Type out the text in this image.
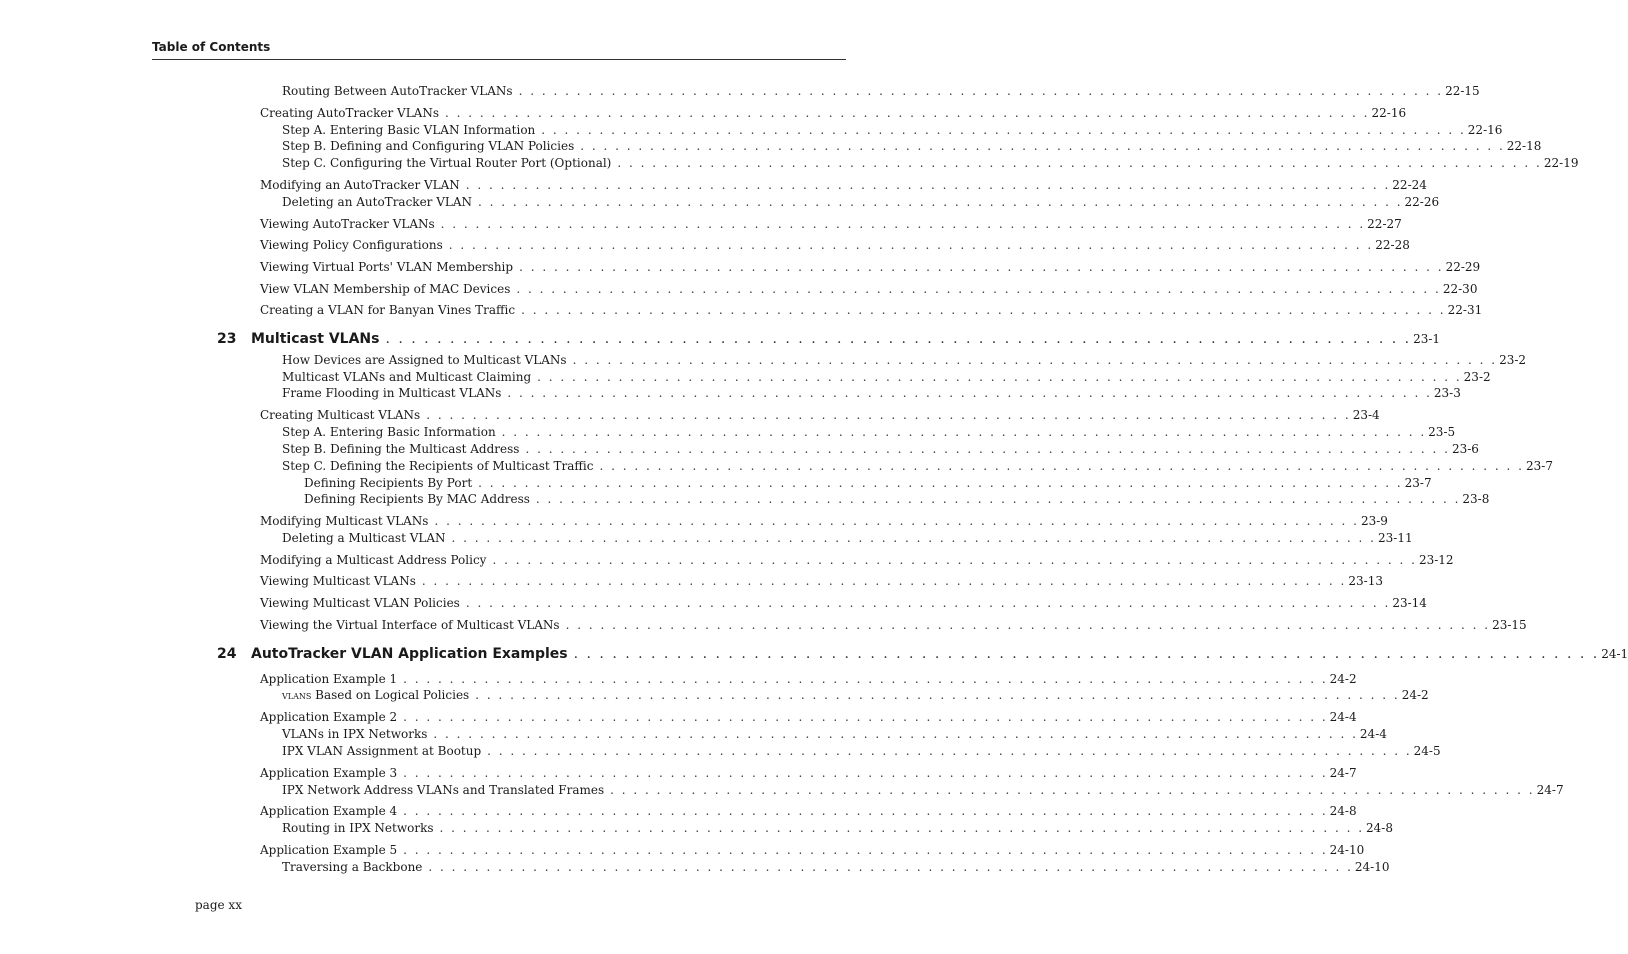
Table of Contents
Routing Between AutoTracker VLANs . . . . . . . . . . . . . . . . . . . . . . . . . . . . . . . . . . . . . . . . . . . . . . . . . . . . . . . . . . . . . . . . . . . . . . . . . . . . . . . . 22-15
Creating AutoTracker VLANs . . . . . . . . . . . . . . . . . . . . . . . . . . . . . . . . . . . . . . . . . . . . . . . . . . . . . . . . . . . . . . . . . . . . . . . . . . . . . . . . 22-16
Step A. Entering Basic VLAN Information . . . . . . . . . . . . . . . . . . . . . . . . . . . . . . . . . . . . . . . . . . . . . . . . . . . . . . . . . . . . . . . . . . . . . . . . . . . . . . . . 22-16
Step B. Defining and Configuring VLAN Policies . . . . . . . . . . . . . . . . . . . . . . . . . . . . . . . . . . . . . . . . . . . . . . . . . . . . . . . . . . . . . . . . . . . . . . . . . . . . . . . . 22-18
Step C. Configuring the Virtual Router Port (Optional) . . . . . . . . . . . . . . . . . . . . . . . . . . . . . . . . . . . . . . . . . . . . . . . . . . . . . . . . . . . . . . . . . . . . . . . . . . . . . . . . 22-19
Modifying an AutoTracker VLAN . . . . . . . . . . . . . . . . . . . . . . . . . . . . . . . . . . . . . . . . . . . . . . . . . . . . . . . . . . . . . . . . . . . . . . . . . . . . . . . . 22-24
Deleting an AutoTracker VLAN . . . . . . . . . . . . . . . . . . . . . . . . . . . . . . . . . . . . . . . . . . . . . . . . . . . . . . . . . . . . . . . . . . . . . . . . . . . . . . . . 22-26
Viewing AutoTracker VLANs . . . . . . . . . . . . . . . . . . . . . . . . . . . . . . . . . . . . . . . . . . . . . . . . . . . . . . . . . . . . . . . . . . . . . . . . . . . . . . . . 22-27
Viewing Policy Configurations . . . . . . . . . . . . . . . . . . . . . . . . . . . . . . . . . . . . . . . . . . . . . . . . . . . . . . . . . . . . . . . . . . . . . . . . . . . . . . . . 22-28
Viewing Virtual Ports' VLAN Membership . . . . . . . . . . . . . . . . . . . . . . . . . . . . . . . . . . . . . . . . . . . . . . . . . . . . . . . . . . . . . . . . . . . . . . . . . . . . . . . . 22-29
View VLAN Membership of MAC Devices . . . . . . . . . . . . . . . . . . . . . . . . . . . . . . . . . . . . . . . . . . . . . . . . . . . . . . . . . . . . . . . . . . . . . . . . . . . . . . . . 22-30
Creating a VLAN for Banyan Vines Traffic . . . . . . . . . . . . . . . . . . . . . . . . . . . . . . . . . . . . . . . . . . . . . . . . . . . . . . . . . . . . . . . . . . . . . . . . . . . . . . . . 22-31
23 Multicast VLANs . . . . . . . . . . . . . . . . . . . . . . . . . . . . . . . . . . . . . . . . . . . . . . . . . . . . . . . . . . . . . . . . . . . . . . . . . . . . . . . . 23-1
How Devices are Assigned to Multicast VLANs . . . . . . . . . . . . . . . . . . . . . . . . . . . . . . . . . . . . . . . . . . . . . . . . . . . . . . . . . . . . . . . . . . . . . . . . . . . . . . . . 23-2
Multicast VLANs and Multicast Claiming . . . . . . . . . . . . . . . . . . . . . . . . . . . . . . . . . . . . . . . . . . . . . . . . . . . . . . . . . . . . . . . . . . . . . . . . . . . . . . . . 23-2
Frame Flooding in Multicast VLANs . . . . . . . . . . . . . . . . . . . . . . . . . . . . . . . . . . . . . . . . . . . . . . . . . . . . . . . . . . . . . . . . . . . . . . . . . . . . . . . . 23-3
Creating Multicast VLANs . . . . . . . . . . . . . . . . . . . . . . . . . . . . . . . . . . . . . . . . . . . . . . . . . . . . . . . . . . . . . . . . . . . . . . . . . . . . . . . . 23-4
Step A. Entering Basic Information . . . . . . . . . . . . . . . . . . . . . . . . . . . . . . . . . . . . . . . . . . . . . . . . . . . . . . . . . . . . . . . . . . . . . . . . . . . . . . . . 23-5
Step B. Defining the Multicast Address . . . . . . . . . . . . . . . . . . . . . . . . . . . . . . . . . . . . . . . . . . . . . . . . . . . . . . . . . . . . . . . . . . . . . . . . . . . . . . . . 23-6
Step C. Defining the Recipients of Multicast Traffic . . . . . . . . . . . . . . . . . . . . . . . . . . . . . . . . . . . . . . . . . . . . . . . . . . . . . . . . . . . . . . . . . . . . . . . . . . . . . . . . 23-7
Defining Recipients By Port . . . . . . . . . . . . . . . . . . . . . . . . . . . . . . . . . . . . . . . . . . . . . . . . . . . . . . . . . . . . . . . . . . . . . . . . . . . . . . . . 23-7
Defining Recipients By MAC Address . . . . . . . . . . . . . . . . . . . . . . . . . . . . . . . . . . . . . . . . . . . . . . . . . . . . . . . . . . . . . . . . . . . . . . . . . . . . . . . . 23-8
Modifying Multicast VLANs . . . . . . . . . . . . . . . . . . . . . . . . . . . . . . . . . . . . . . . . . . . . . . . . . . . . . . . . . . . . . . . . . . . . . . . . . . . . . . . . 23-9
Deleting a Multicast VLAN . . . . . . . . . . . . . . . . . . . . . . . . . . . . . . . . . . . . . . . . . . . . . . . . . . . . . . . . . . . . . . . . . . . . . . . . . . . . . . . . 23-11
Modifying a Multicast Address Policy . . . . . . . . . . . . . . . . . . . . . . . . . . . . . . . . . . . . . . . . . . . . . . . . . . . . . . . . . . . . . . . . . . . . . . . . . . . . . . . . 23-12
Viewing Multicast VLANs . . . . . . . . . . . . . . . . . . . . . . . . . . . . . . . . . . . . . . . . . . . . . . . . . . . . . . . . . . . . . . . . . . . . . . . . . . . . . . . . 23-13
Viewing Multicast VLAN Policies . . . . . . . . . . . . . . . . . . . . . . . . . . . . . . . . . . . . . . . . . . . . . . . . . . . . . . . . . . . . . . . . . . . . . . . . . . . . . . . . 23-14
Viewing the Virtual Interface of Multicast VLANs . . . . . . . . . . . . . . . . . . . . . . . . . . . . . . . . . . . . . . . . . . . . . . . . . . . . . . . . . . . . . . . . . . . . . . . . . . . . . . . . 23-15
24 AutoTracker VLAN Application Examples . . . . . . . . . . . . . . . . . . . . . . . . . . . . . . . . . . . . . . . . . . . . . . . . . . . . . . . . . . . . . . . . . . . . . . . . . . . . . . . . 24-1
Application Example 1 . . . . . . . . . . . . . . . . . . . . . . . . . . . . . . . . . . . . . . . . . . . . . . . . . . . . . . . . . . . . . . . . . . . . . . . . . . . . . . . . 24-2
vlans Based on Logical Policies . . . . . . . . . . . . . . . . . . . . . . . . . . . . . . . . . . . . . . . . . . . . . . . . . . . . . . . . . . . . . . . . . . . . . . . . . . . . . . . . 24-2
Application Example 2 . . . . . . . . . . . . . . . . . . . . . . . . . . . . . . . . . . . . . . . . . . . . . . . . . . . . . . . . . . . . . . . . . . . . . . . . . . . . . . . . 24-4
VLANs in IPX Networks . . . . . . . . . . . . . . . . . . . . . . . . . . . . . . . . . . . . . . . . . . . . . . . . . . . . . . . . . . . . . . . . . . . . . . . . . . . . . . . . 24-4
IPX VLAN Assignment at Bootup . . . . . . . . . . . . . . . . . . . . . . . . . . . . . . . . . . . . . . . . . . . . . . . . . . . . . . . . . . . . . . . . . . . . . . . . . . . . . . . . 24-5
Application Example 3 . . . . . . . . . . . . . . . . . . . . . . . . . . . . . . . . . . . . . . . . . . . . . . . . . . . . . . . . . . . . . . . . . . . . . . . . . . . . . . . . 24-7
IPX Network Address VLANs and Translated Frames . . . . . . . . . . . . . . . . . . . . . . . . . . . . . . . . . . . . . . . . . . . . . . . . . . . . . . . . . . . . . . . . . . . . . . . . . . . . . . . . 24-7
Application Example 4 . . . . . . . . . . . . . . . . . . . . . . . . . . . . . . . . . . . . . . . . . . . . . . . . . . . . . . . . . . . . . . . . . . . . . . . . . . . . . . . . 24-8
Routing in IPX Networks . . . . . . . . . . . . . . . . . . . . . . . . . . . . . . . . . . . . . . . . . . . . . . . . . . . . . . . . . . . . . . . . . . . . . . . . . . . . . . . . 24-8
Application Example 5 . . . . . . . . . . . . . . . . . . . . . . . . . . . . . . . . . . . . . . . . . . . . . . . . . . . . . . . . . . . . . . . . . . . . . . . . . . . . . . . . 24-10
Traversing a Backbone . . . . . . . . . . . . . . . . . . . . . . . . . . . . . . . . . . . . . . . . . . . . . . . . . . . . . . . . . . . . . . . . . . . . . . . . . . . . . . . . 24-10
page xx
